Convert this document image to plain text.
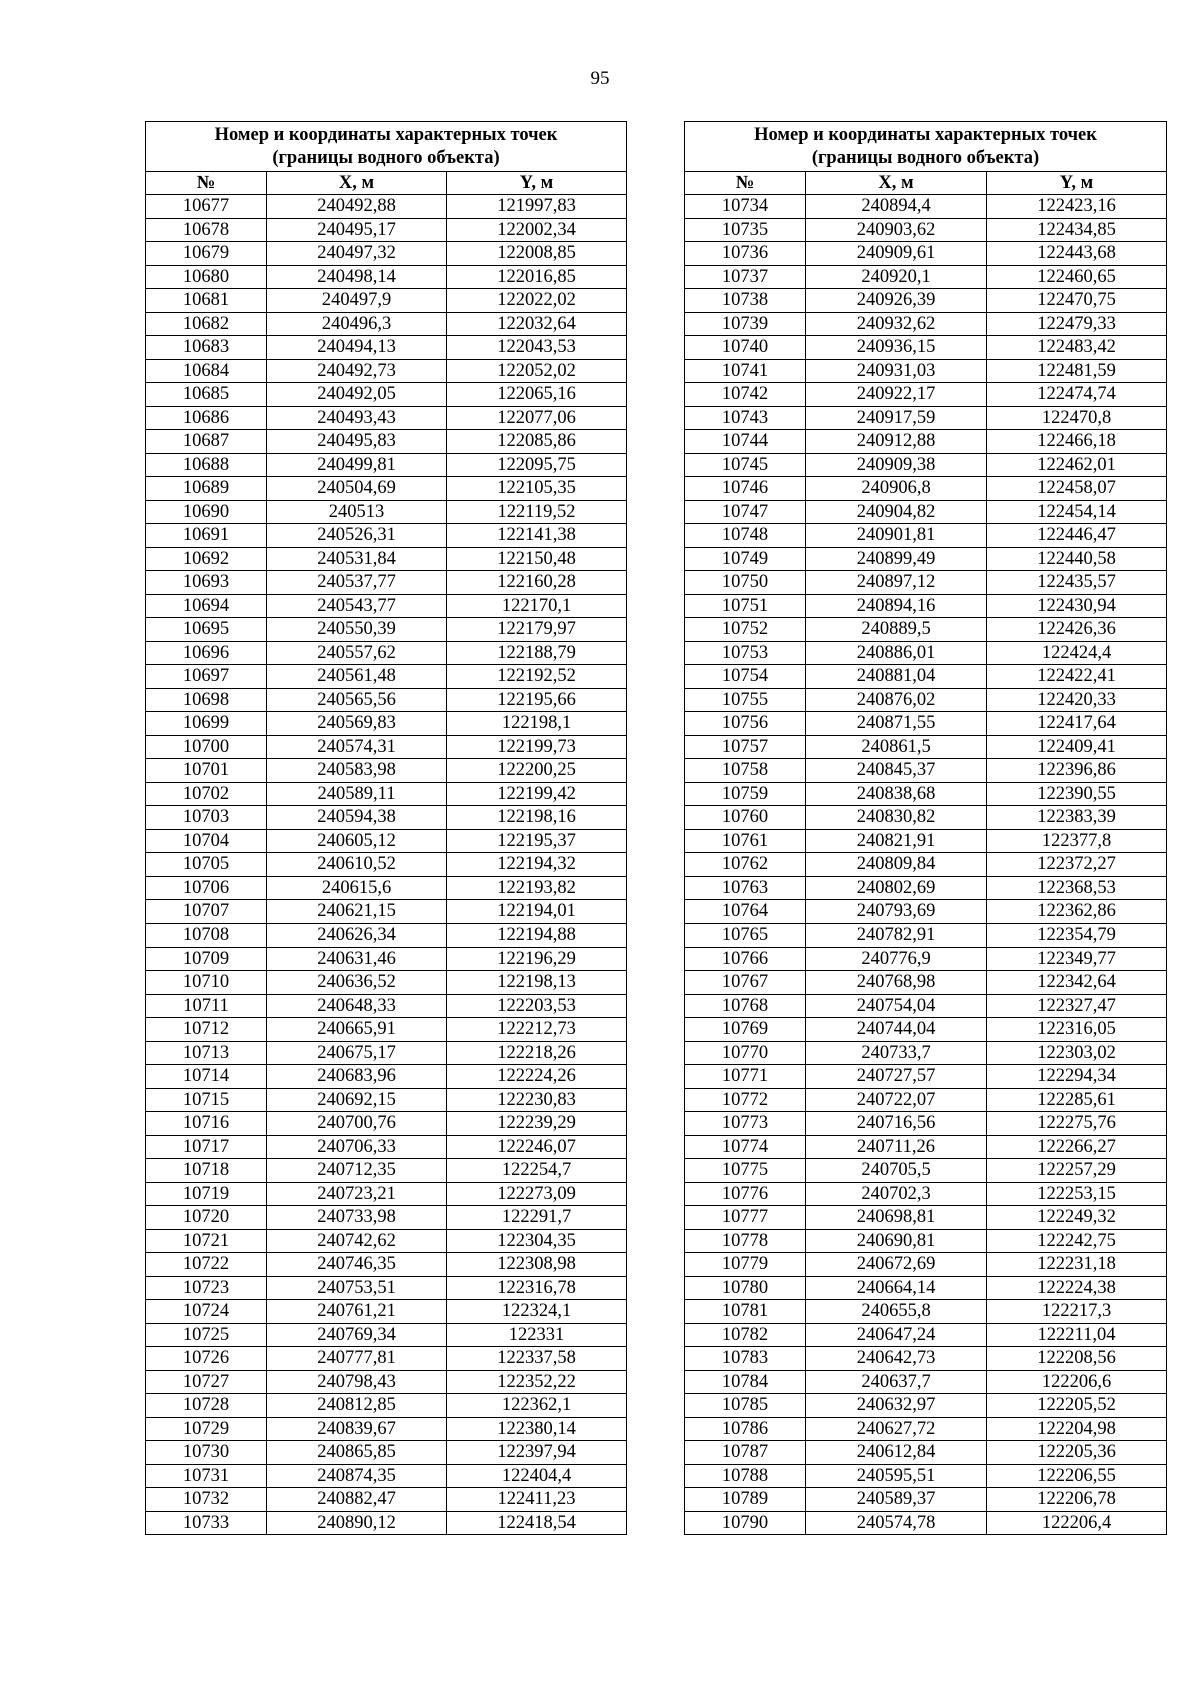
95
Номер и координаты характерных точек
(границы водного объекта)		

№	X, м	Y, м
10677	240492,88	121997,83
10678	240495,17	122002,34
10679	240497,32	122008,85
10680	240498,14	122016,85
10681	240497,9	122022,02
10682	240496,3	122032,64
10683	240494,13	122043,53
10684	240492,73	122052,02
10685	240492,05	122065,16
10686	240493,43	122077,06
10687	240495,83	122085,86
10688	240499,81	122095,75
10689	240504,69	122105,35
10690	240513	122119,52
10691	240526,31	122141,38
10692	240531,84	122150,48
10693	240537,77	122160,28
10694	240543,77	122170,1
10695	240550,39	122179,97
10696	240557,62	122188,79
10697	240561,48	122192,52
10698	240565,56	122195,66
10699	240569,83	122198,1
10700	240574,31	122199,73
10701	240583,98	122200,25
10702	240589,11	122199,42
10703	240594,38	122198,16
10704	240605,12	122195,37
10705	240610,52	122194,32
10706	240615,6	122193,82
10707	240621,15	122194,01
10708	240626,34	122194,88
10709	240631,46	122196,29
10710	240636,52	122198,13
10711	240648,33	122203,53
10712	240665,91	122212,73
10713	240675,17	122218,26
10714	240683,96	122224,26
10715	240692,15	122230,83
10716	240700,76	122239,29
10717	240706,33	122246,07
10718	240712,35	122254,7
10719	240723,21	122273,09
10720	240733,98	122291,7
10721	240742,62	122304,35
10722	240746,35	122308,98
10723	240753,51	122316,78
10724	240761,21	122324,1
10725	240769,34	122331
10726	240777,81	122337,58
10727	240798,43	122352,22
10728	240812,85	122362,1
10729	240839,67	122380,14
10730	240865,85	122397,94
10731	240874,35	122404,4
10732	240882,47	122411,23
10733	240890,12	122418,54
Номер и координаты характерных точек
(границы водного объекта)		

№	X, м	Y, м
10734	240894,4	122423,16
10735	240903,62	122434,85
10736	240909,61	122443,68
10737	240920,1	122460,65
10738	240926,39	122470,75
10739	240932,62	122479,33
10740	240936,15	122483,42
10741	240931,03	122481,59
10742	240922,17	122474,74
10743	240917,59	122470,8
10744	240912,88	122466,18
10745	240909,38	122462,01
10746	240906,8	122458,07
10747	240904,82	122454,14
10748	240901,81	122446,47
10749	240899,49	122440,58
10750	240897,12	122435,57
10751	240894,16	122430,94
10752	240889,5	122426,36
10753	240886,01	122424,4
10754	240881,04	122422,41
10755	240876,02	122420,33
10756	240871,55	122417,64
10757	240861,5	122409,41
10758	240845,37	122396,86
10759	240838,68	122390,55
10760	240830,82	122383,39
10761	240821,91	122377,8
10762	240809,84	122372,27
10763	240802,69	122368,53
10764	240793,69	122362,86
10765	240782,91	122354,79
10766	240776,9	122349,77
10767	240768,98	122342,64
10768	240754,04	122327,47
10769	240744,04	122316,05
10770	240733,7	122303,02
10771	240727,57	122294,34
10772	240722,07	122285,61
10773	240716,56	122275,76
10774	240711,26	122266,27
10775	240705,5	122257,29
10776	240702,3	122253,15
10777	240698,81	122249,32
10778	240690,81	122242,75
10779	240672,69	122231,18
10780	240664,14	122224,38
10781	240655,8	122217,3
10782	240647,24	122211,04
10783	240642,73	122208,56
10784	240637,7	122206,6
10785	240632,97	122205,52
10786	240627,72	122204,98
10787	240612,84	122205,36
10788	240595,51	122206,55
10789	240589,37	122206,78
10790	240574,78	122206,4
